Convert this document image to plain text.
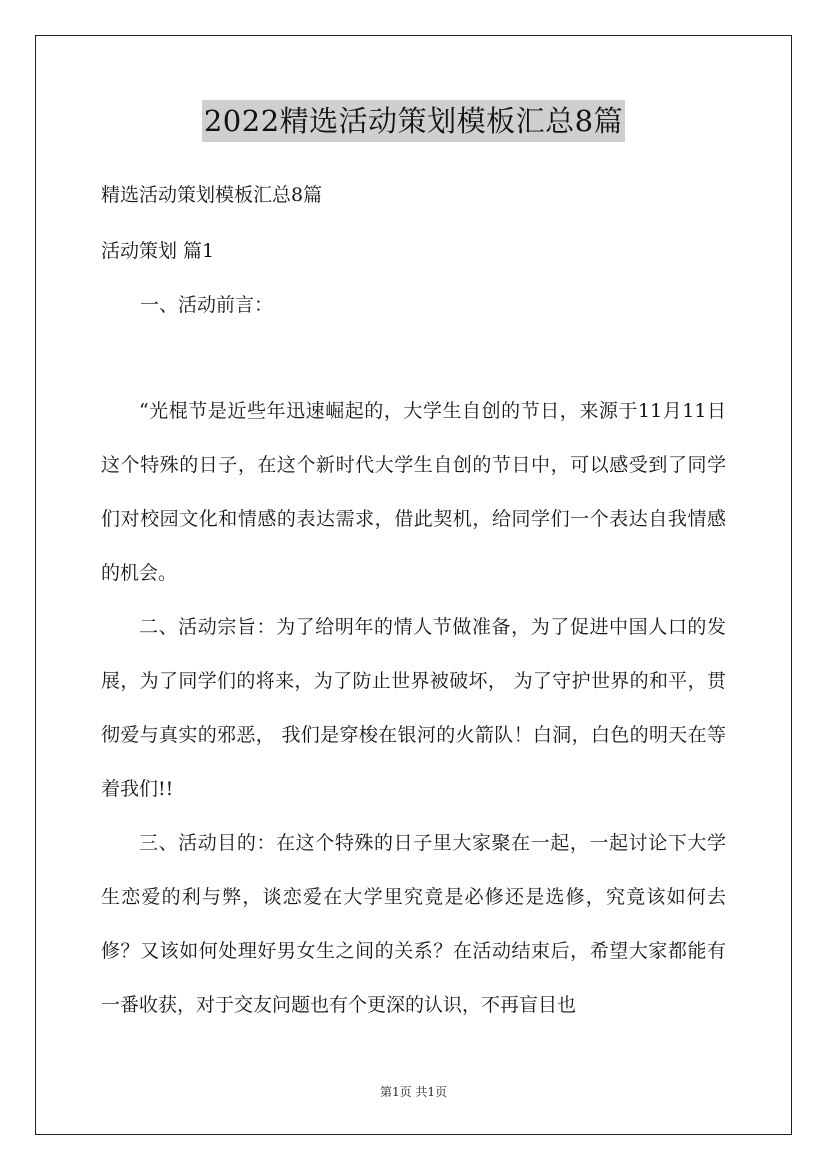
2022精选活动策划模板汇总8篇
精选活动策划模板汇总8篇
活动策划 篇1
一、活动前言：
“光棍节是近些年迅速崛起的，大学生自创的节日，来源于11月11日这个特殊的日子，在这个新时代大学生自创的节日中，可以感受到了同学们对校园文化和情感的表达需求，借此契机，给同学们一个表达自我情感的机会。
二、活动宗旨：为了给明年的情人节做准备，为了促进中国人口的发展，为了同学们的将来，为了防止世界被破坏， 为了守护世界的和平，贯彻爱与真实的邪恶， 我们是穿梭在银河的火箭队！白洞，白色的明天在等着我们!!
三、活动目的：在这个特殊的日子里大家聚在一起，一起讨论下大学生恋爱的利与弊，谈恋爱在大学里究竟是必修还是选修，究竟该如何去修？又该如何处理好男女生之间的关系？在活动结束后，希望大家都能有一番收获，对于交友问题也有个更深的认识，不再盲目也
第1页 共1页
